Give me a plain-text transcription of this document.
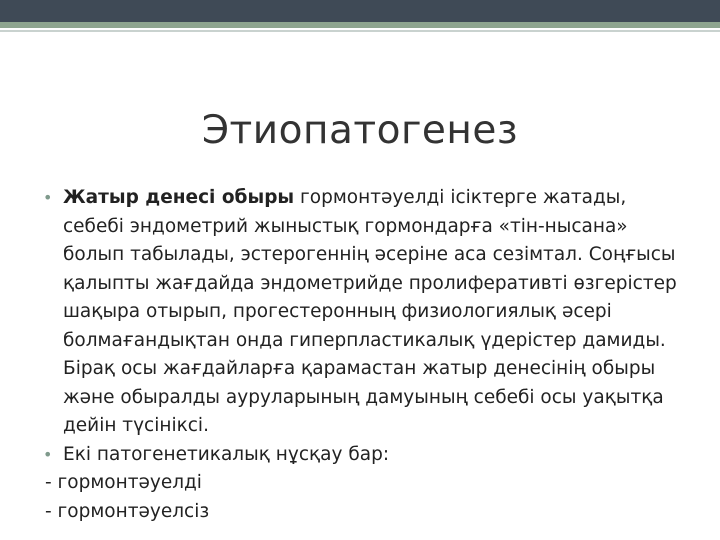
Этиопатогенез
• Жатыр денесі обыры гормонтәуелді ісіктерге жатады, себебі эндометрий жыныстық гормондарға «тін-нысана» болып табылады, эстерогеннің әсеріне аса сезімтал. Соңғысы қалыпты жағдайда эндометрийде пролиферативті өзгерістер шақыра отырып, прогестеронның физиологиялық әсері болмағандықтан онда гиперпластикалық үдерістер дамиды. Бірақ осы жағдайларға қарамастан жатыр денесінің обыры және обыралды ауруларының дамуының себебі осы уақытқа дейін түсініксі.
• Екі патогенетикалық нұсқау бар:
- гормонтәуелді
- гормонтәуелсіз
